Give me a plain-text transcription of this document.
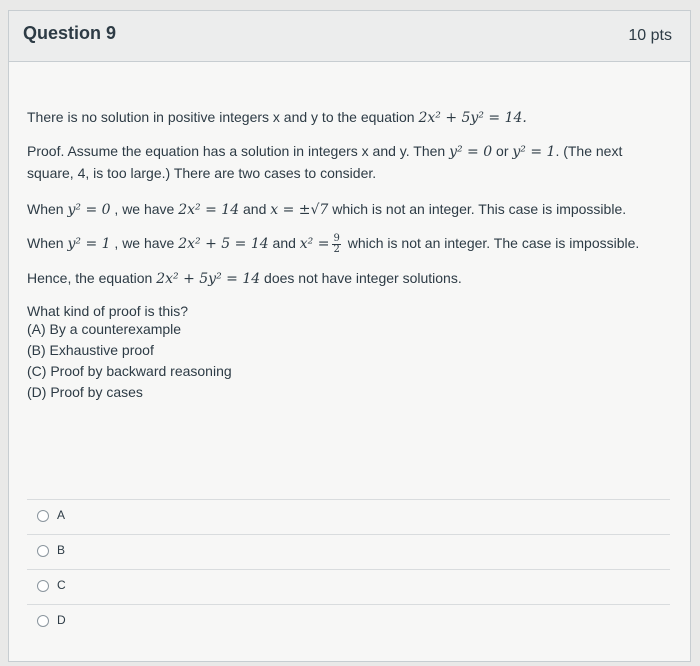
Question 9	10 pts
There is no solution in positive integers x and y to the equation 2x² + 5y² = 14.
Proof. Assume the equation has a solution in integers x and y. Then y² = 0 or y² = 1. (The next
square, 4, is too large.) There are two cases to consider.
When y² = 0 , we have 2x² = 14 and x = ±√7 which is not an integer. This case is impossible.
When y² = 1 , we have 2x² + 5 = 14 and $x^2 = \frac{9}{2}$ which is not an integer. The case is impossible.
Hence, the equation 2x² + 5y² = 14 does not have integer solutions.
What kind of proof is this?
(A) By a counterexample
(B) Exhaustive proof
(C) Proof by backward reasoning
(D) Proof by cases
A
B
C
D
